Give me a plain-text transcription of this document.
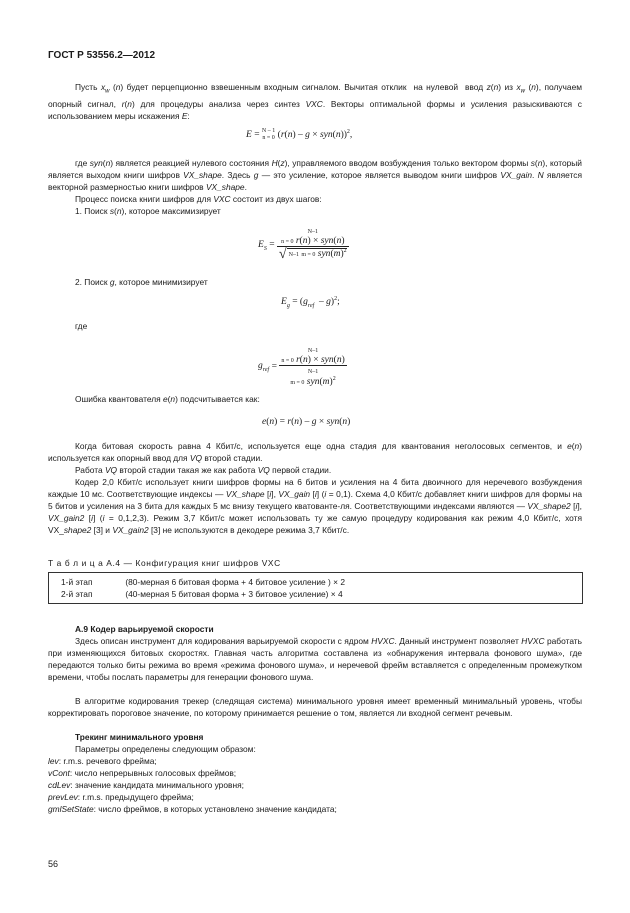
ГОСТ Р 53556.2—2012
Пусть $x_w$ (n) будет перцепционно взвешенным входным сигналом. Вычитая отклик  на нулевой  ввод z(n) из $x_w$ (n), получаем опорный сигнал, r(n) для процедуры анализа через синтез VXC. Векторы оптимальной формы и усиления разыскиваются с использованием меры искажения E:
E = N – 1
n = 0 $(r(n) - g \times syn(n))^2$,
где syn(n) является реакцией нулевого состояния H(z), управляемого вводом возбуждения только вектором формы s(n), который является выходом книги шифров VX_shape. Здесь g — это усиление, которое является выводом книги шифров VX_gain. N является векторной размерностью книги шифров VX_shape.
Процесс поиска книги шифров для VXC состоит из двух шагов:
1. Поиск s(n), которое максимизирует
$E_S$ =
N–1
n = 0 r(n) × syn(n)
√ N–1 m = 0 $syn(m)^2$
2. Поиск g, которое минимизирует
$E_g = (g_{ref} - g)^2$;
где
$g_{ref}$ =
N–1
n = 0 r(n) × syn(n)
N–1
m = 0 $syn(m)^2$
Ошибка квантователя e(n) подсчитывается как:
e(n) = r(n) – g × syn(n)
Когда битовая скорость равна 4 Кбит/с, используется еще одна стадия для квантования неголосовых сегментов, и e(n) используется как опорный ввод для VQ второй стадии.
Работа VQ второй стадии такая же как работа VQ первой стадии.
Кодер 2,0 Кбит/с использует книги шифров формы на 6 битов и усиления на 4 бита двоичного для неречевого возбуждения каждые 10 мс. Соответствующие индексы — VX_shape [i], VX_gain [i] (i = 0,1). Схема 4,0 Кбит/с добавляет книги шифров для формы на 5 битов и усиления на 3 бита для каждых 5 мс внизу текущего кватованте-ля. Соответствующими индексами являются — VX_shape2 [i], VX_gain2 [i] (i = 0,1,2,3). Режим 3,7 Кбит/с может использовать ту же самую процедуру кодирования как режим 4,0 Кбит/с, хотя VX_shape2 [3] и VX_gain2 [3] не используются в декодере режима 3,7 Кбит/с.
Т а б л и ц а А.4 — Конфигурация книг шифров VXC
1-й этап	(80-мерная 6 битовая форма + 4 битовое усиление ) × 2
2-й этап	(40-мерная 5 битовая форма + 3 битовое усиление) × 4
А.9 Кодер варьируемой скорости
Здесь описан инструмент для кодирования варьируемой скорости с ядром HVXC. Данный инструмент позволяет HVXC работать при изменяющихся битовых скоростях. Главная часть алгоритма составлена из «обнаружения интервала фонового шума», где передаются только биты режима во время «режима фонового шума», и неречевой фрейм вставляется с определенным промежутком времени, чтобы послать параметры для генерации фонового шума.
В алгоритме кодирования трекер (следящая система) минимального уровня имеет временный минимальный уровень, чтобы корректировать пороговое значение, по которому принимается решение о том, является ли входной сегмент речевым.
Трекинг минимального уровня
Параметры определены следующим образом:
lev: r.m.s. речевого фрейма;
vCont: число непрерывных голосовых фреймов;
cdLev: значение кандидата минимального уровня;
prevLev: r.m.s. предыдущего фрейма;
gmlSetState: число фреймов, в которых установлено значение кандидата;
56
